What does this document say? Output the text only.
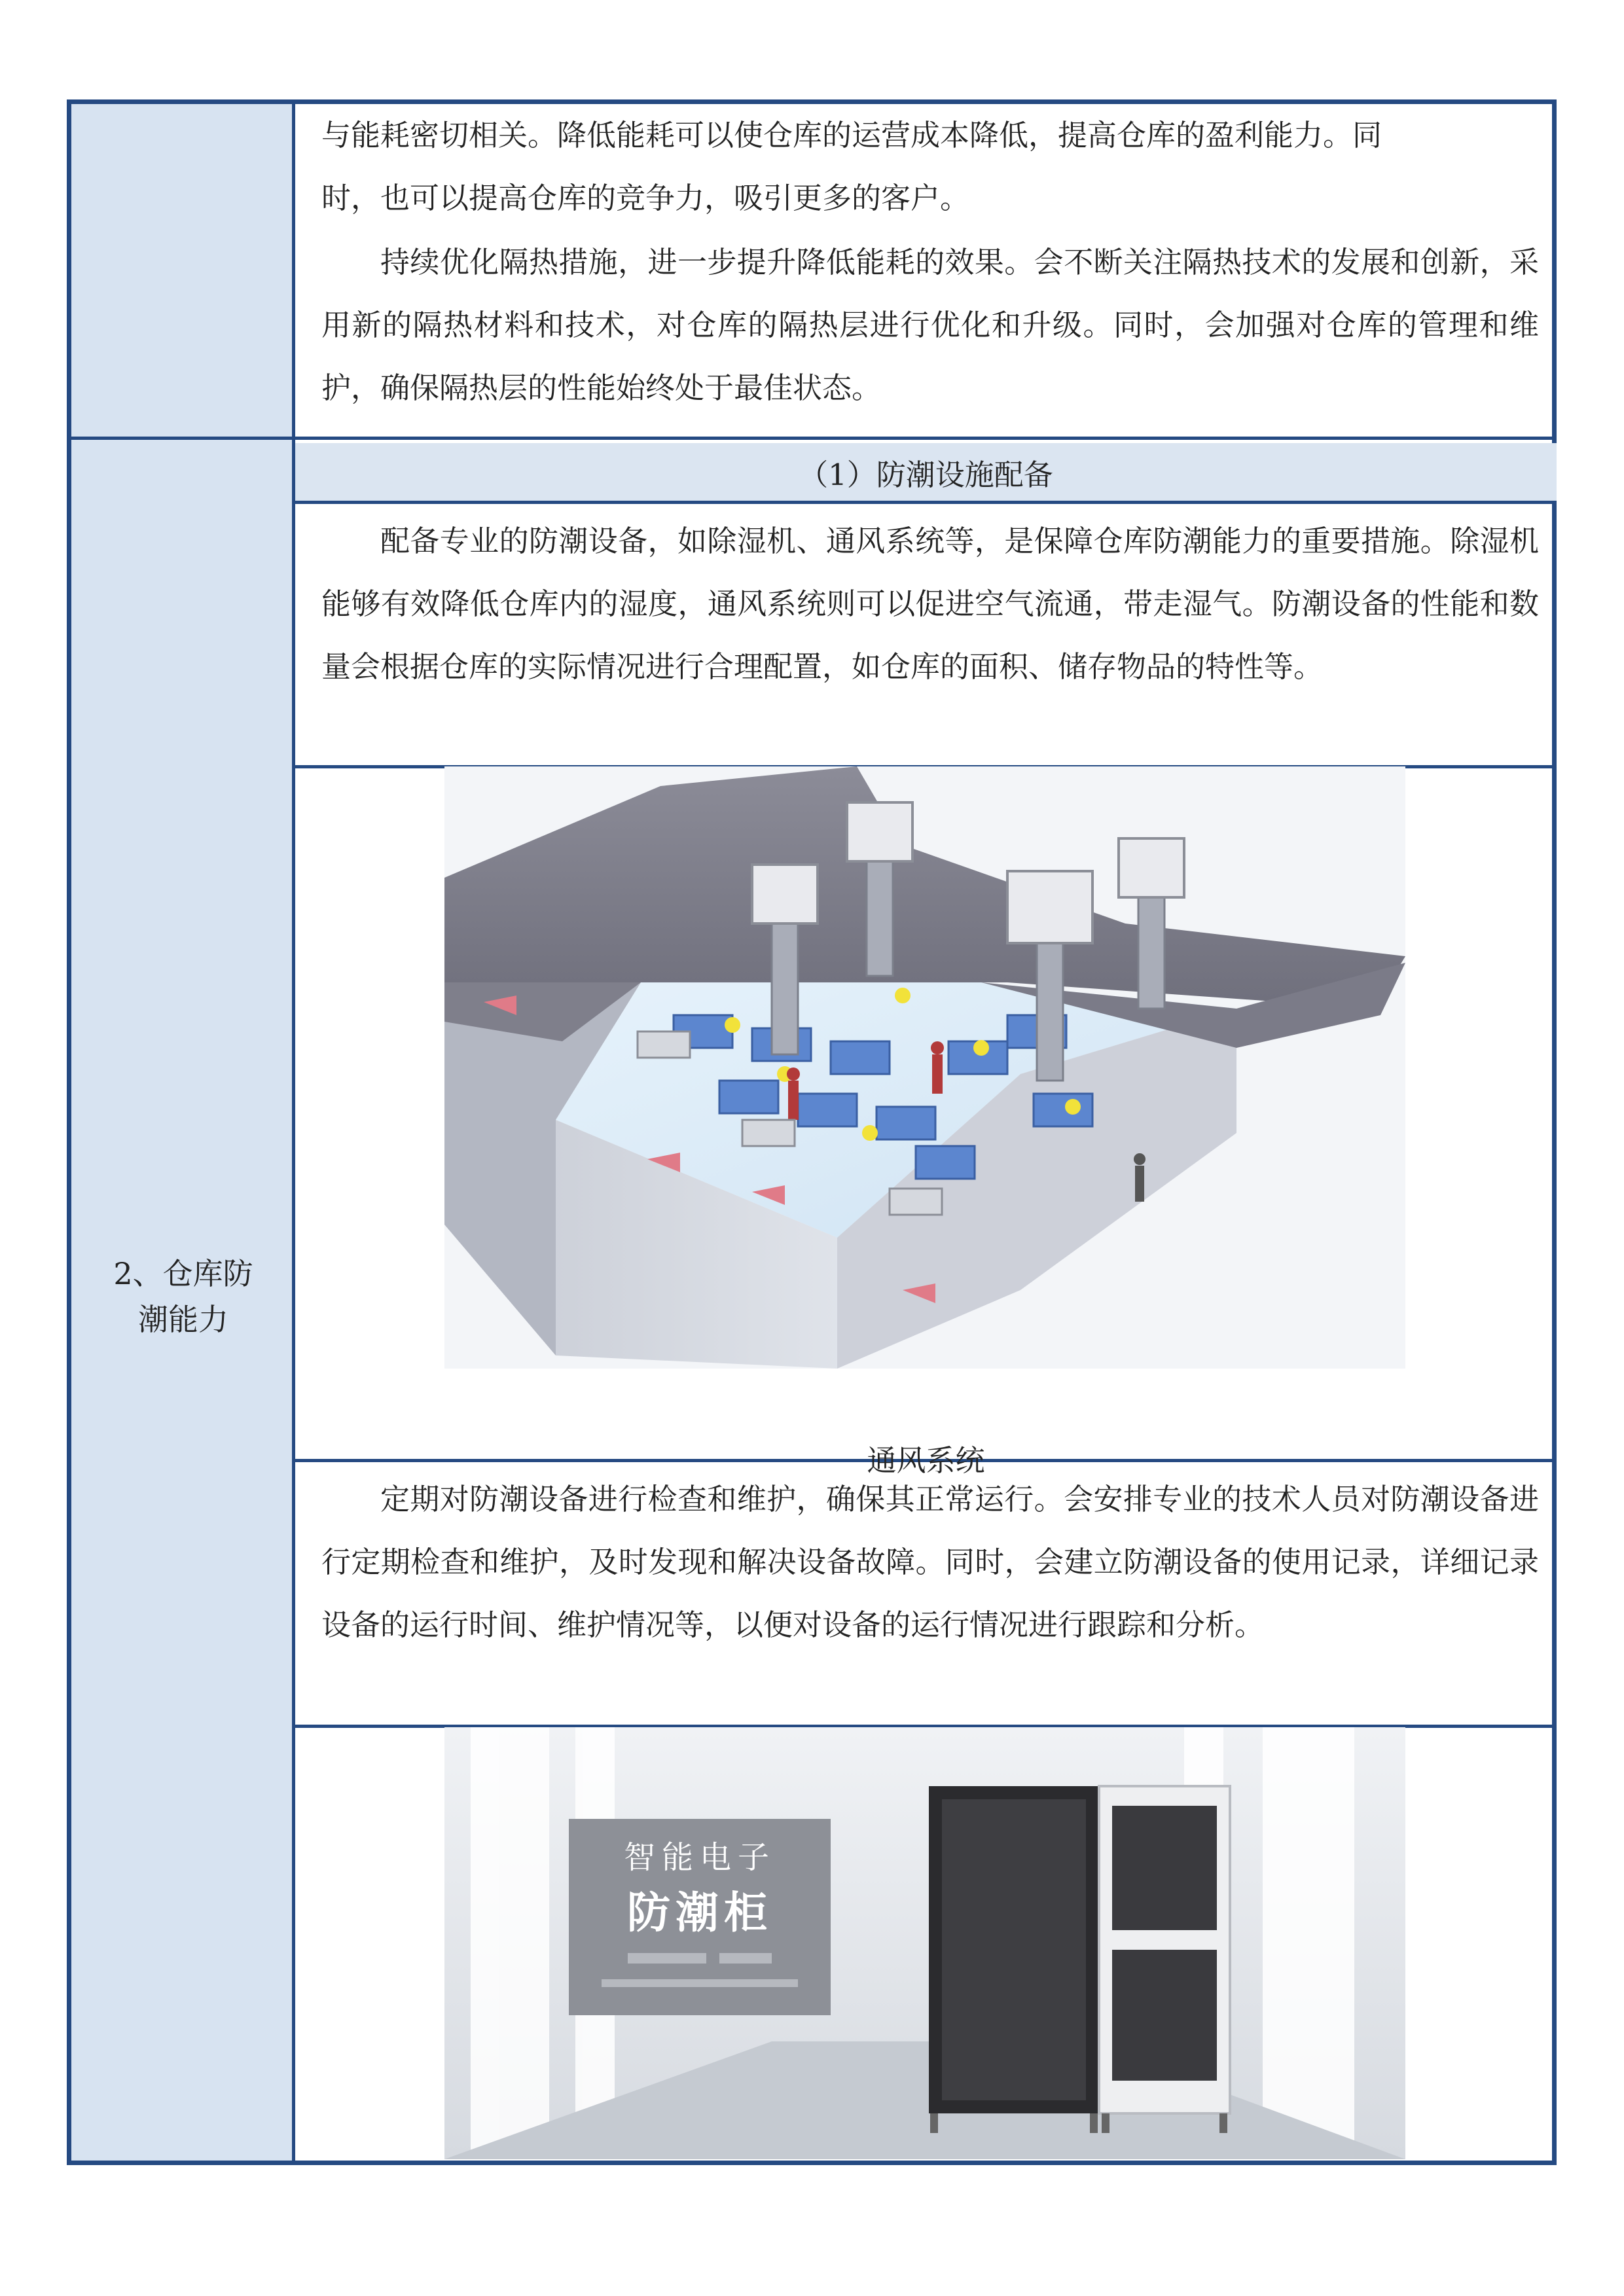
2、仓库防
潮能力

与能耗密切相关。降低能耗可以使仓库的运营成本降低，提高仓库的盈利能力。同
时，也可以提高仓库的竞争力，吸引更多的客户。

持续优化隔热措施，进一步提升降低能耗的效果。会不断关注隔热技术的发展和创新，采用新的隔热材料和技术，对仓库的隔热层进行优化和升级。同时，会加强对仓库的管理和维护，确保隔热层的性能始终处于最佳状态。

（1）防潮设施配备

配备专业的防潮设备，如除湿机、通风系统等，是保障仓库防潮能力的重要措施。除湿机能够有效降低仓库内的湿度，通风系统则可以促进空气流通，带走湿气。防潮设备的性能和数量会根据仓库的实际情况进行合理配置，如仓库的面积、储存物品的特性等。

通风系统

定期对防潮设备进行检查和维护，确保其正常运行。会安排专业的技术人员对防潮设备进行定期检查和维护，及时发现和解决设备故障。同时，会建立防潮设备的使用记录，详细记录设备的运行时间、维护情况等，以便对设备的运行情况进行跟踪和分析。

智能电子
防潮柜
